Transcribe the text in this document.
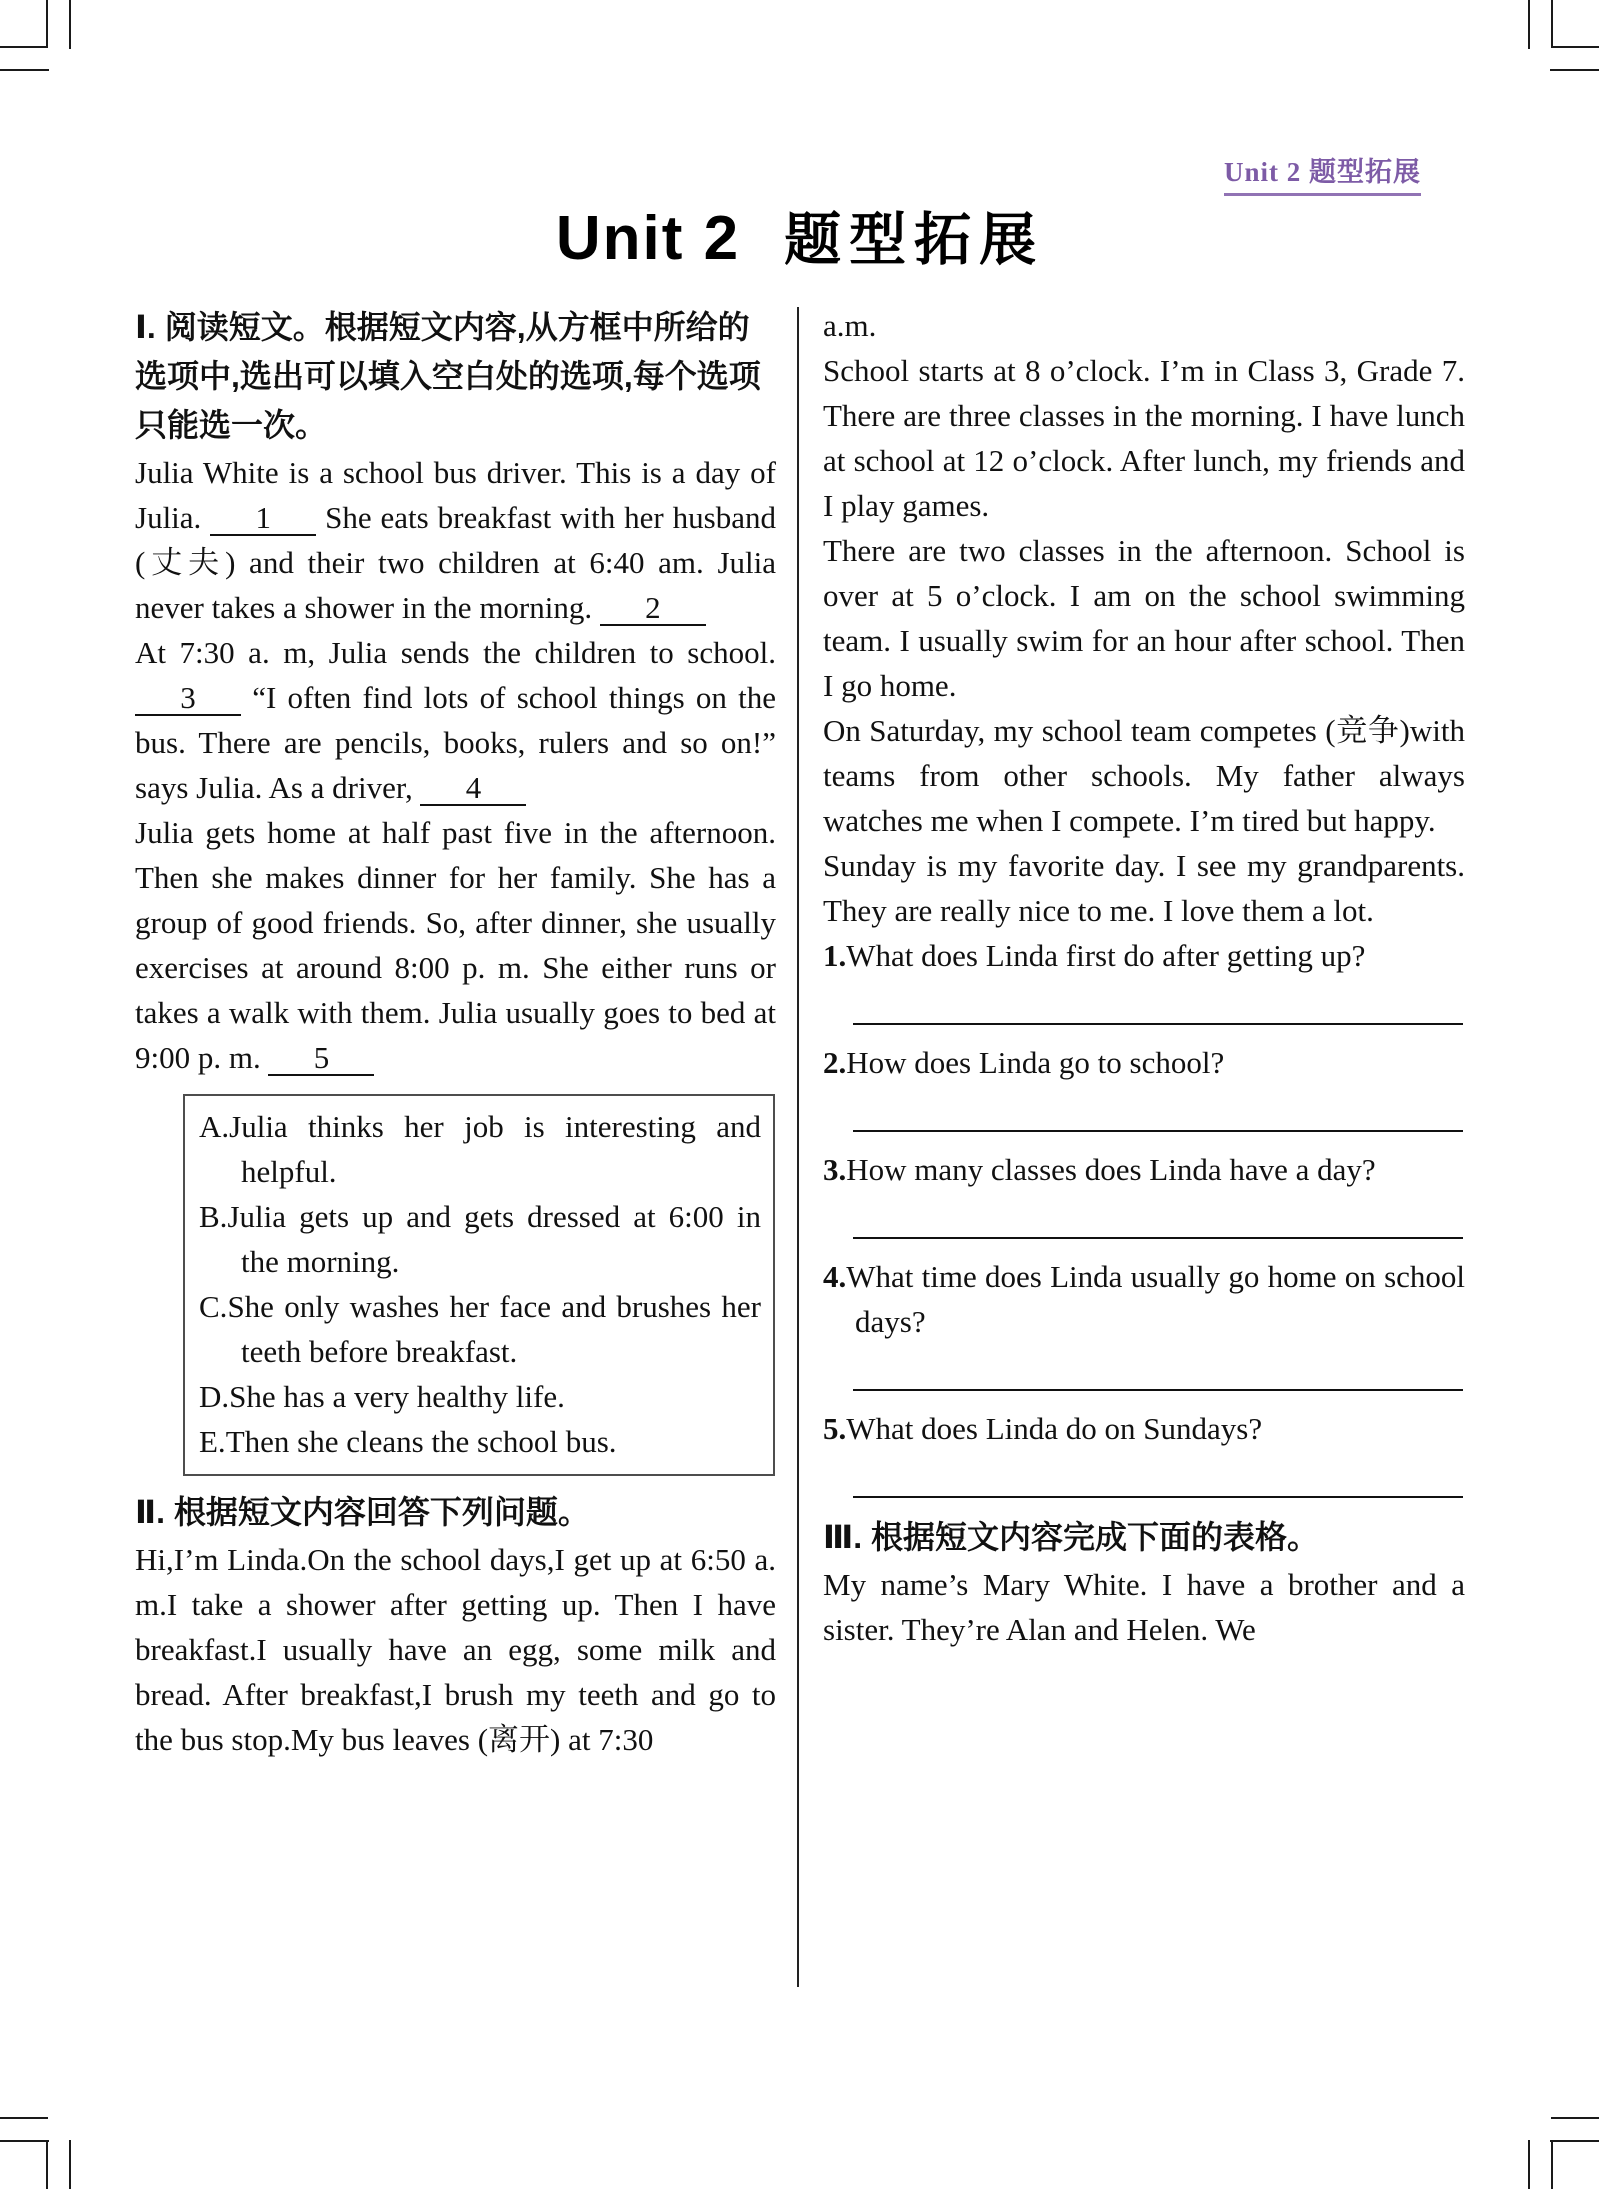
Unit 2 题型拓展
Unit 2 题型拓展

Ⅰ. 阅读短文。根据短文内容,从方框中所给的选项中,选出可以填入空白处的选项,每个选项只能选一次。

Julia White is a school bus driver. This is a day of Julia. 1 She eats breakfast with her husband (丈夫) and their two children at 6:40 am. Julia never takes a shower in the morning. 2

At 7:30 a. m, Julia sends the children to school. 3 “I often find lots of school things on the bus. There are pencils, books, rulers and so on!” says Julia. As a driver, 4

Julia gets home at half past five in the afternoon. Then she makes dinner for her family. She has a group of good friends. So, after dinner, she usually exercises at around 8:00 p. m. She either runs or takes a walk with them. Julia usually goes to bed at 9:00 p. m. 5

A.Julia thinks her job is interesting and helpful.

B.Julia gets up and gets dressed at 6:00 in the morning.

C.She only washes her face and brushes her teeth before breakfast.

D.She has a very healthy life.

E.Then she cleans the school bus.

Ⅱ. 根据短文内容回答下列问题。

Hi,I’m Linda.On the school days,I get up at 6:50 a. m.I take a shower after getting up. Then I have breakfast.I usually have an egg, some milk and bread. After breakfast,I brush my teeth and go to the bus stop.My bus leaves (离开) at 7:30

a.m.

School starts at 8 o’clock. I’m in Class 3, Grade 7. There are three classes in the morning. I have lunch at school at 12 o’clock. After lunch, my friends and I play games.

There are two classes in the afternoon. School is over at 5 o’clock. I am on the school swimming team. I usually swim for an hour after school. Then I go home.

On Saturday, my school team competes (竞争)with teams from other schools. My father always watches me when I compete. I’m tired but happy.

Sunday is my favorite day. I see my grandparents. They are really nice to me. I love them a lot.

1.What does Linda first do after getting up?

2.How does Linda go to school?

3.How many classes does Linda have a day?

4.What time does Linda usually go home on school days?

5.What does Linda do on Sundays?

Ⅲ. 根据短文内容完成下面的表格。

My name’s Mary White. I have a brother and a sister. They’re Alan and Helen. We
